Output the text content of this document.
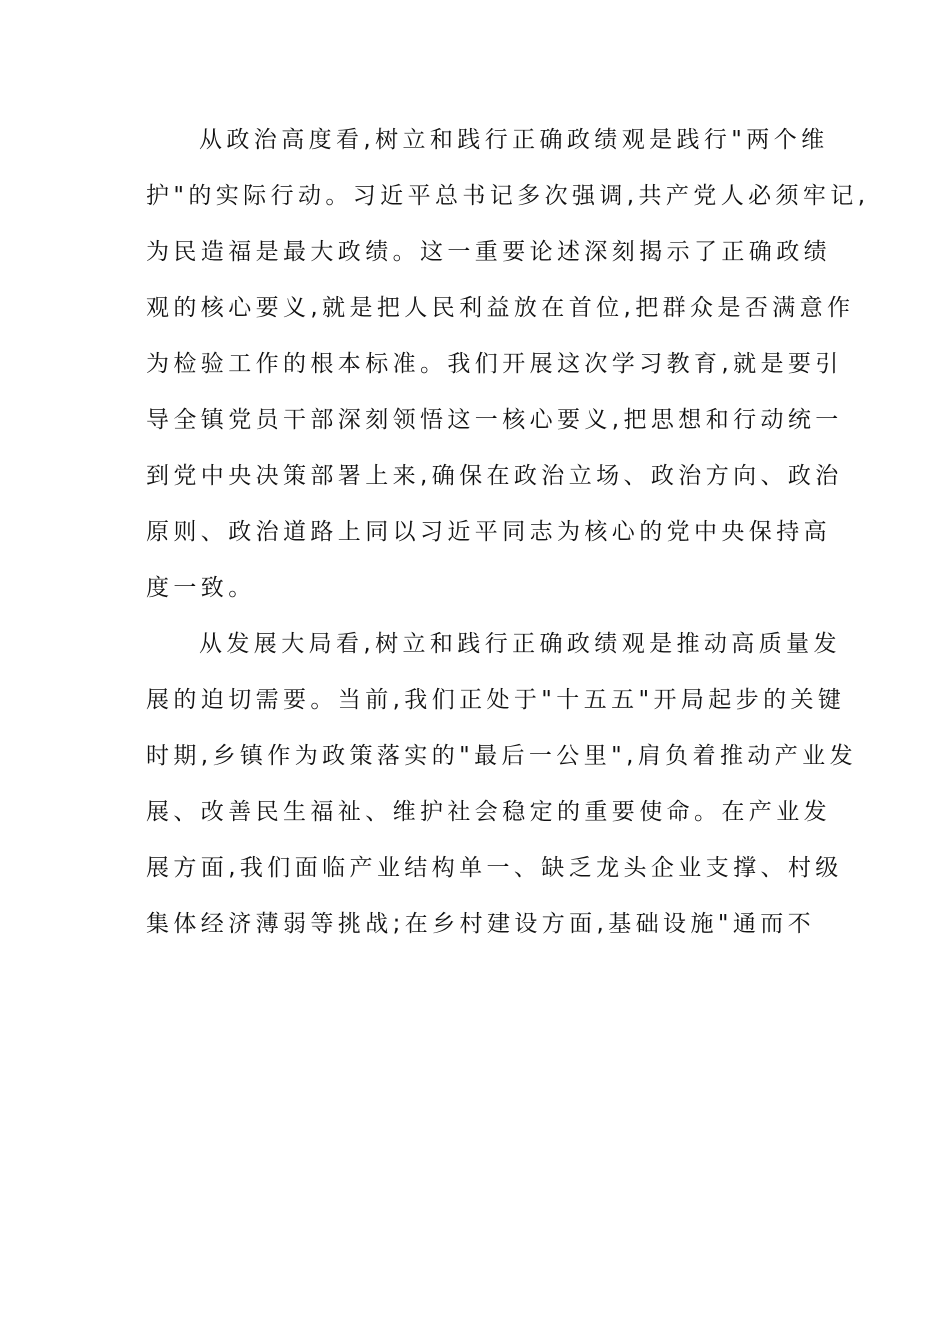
从政治高度看,树立和践行正确政绩观是践行"两个维
护"的实际行动。习近平总书记多次强调,共产党人必须牢记,
为民造福是最大政绩。这一重要论述深刻揭示了正确政绩
观的核心要义,就是把人民利益放在首位,把群众是否满意作
为检验工作的根本标准。我们开展这次学习教育,就是要引
导全镇党员干部深刻领悟这一核心要义,把思想和行动统一
到党中央决策部署上来,确保在政治立场、政治方向、政治
原则、政治道路上同以习近平同志为核心的党中央保持高
度一致。
从发展大局看,树立和践行正确政绩观是推动高质量发
展的迫切需要。当前,我们正处于"十五五"开局起步的关键
时期,乡镇作为政策落实的"最后一公里",肩负着推动产业发
展、改善民生福祉、维护社会稳定的重要使命。在产业发
展方面,我们面临产业结构单一、缺乏龙头企业支撑、村级
集体经济薄弱等挑战;在乡村建设方面,基础设施"通而不
